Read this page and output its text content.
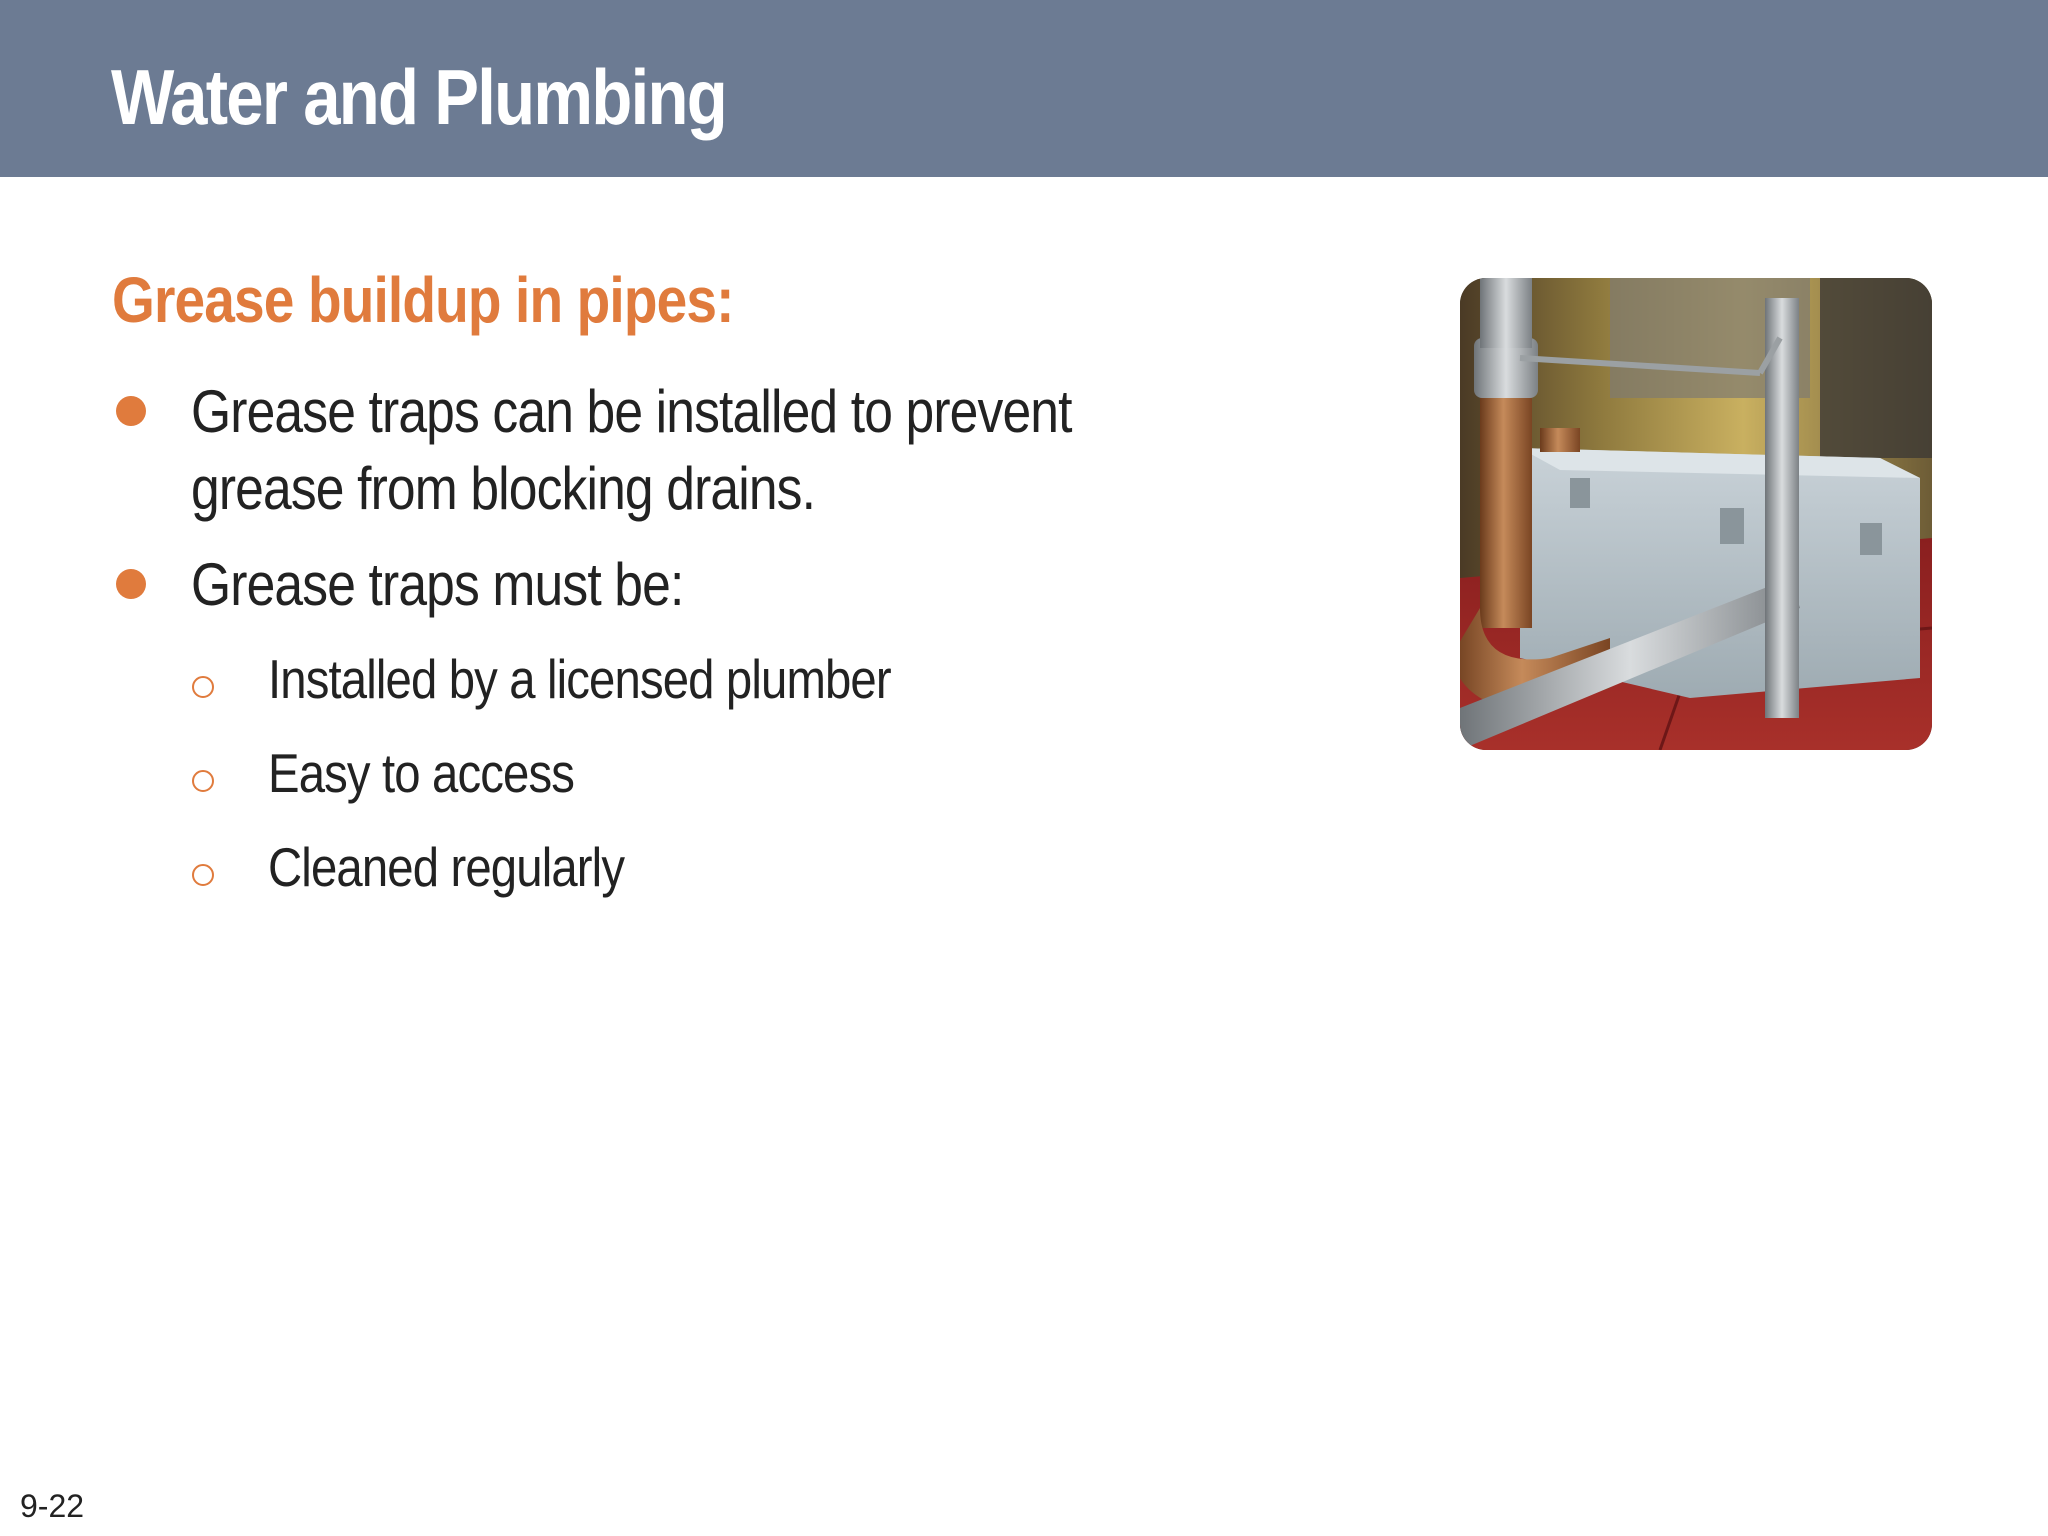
Water and Plumbing
Grease buildup in pipes:
Grease traps can be installed to prevent grease from blocking drains.
Grease traps must be:
Installed by a licensed plumber
Easy to access
Cleaned regularly
9-22
